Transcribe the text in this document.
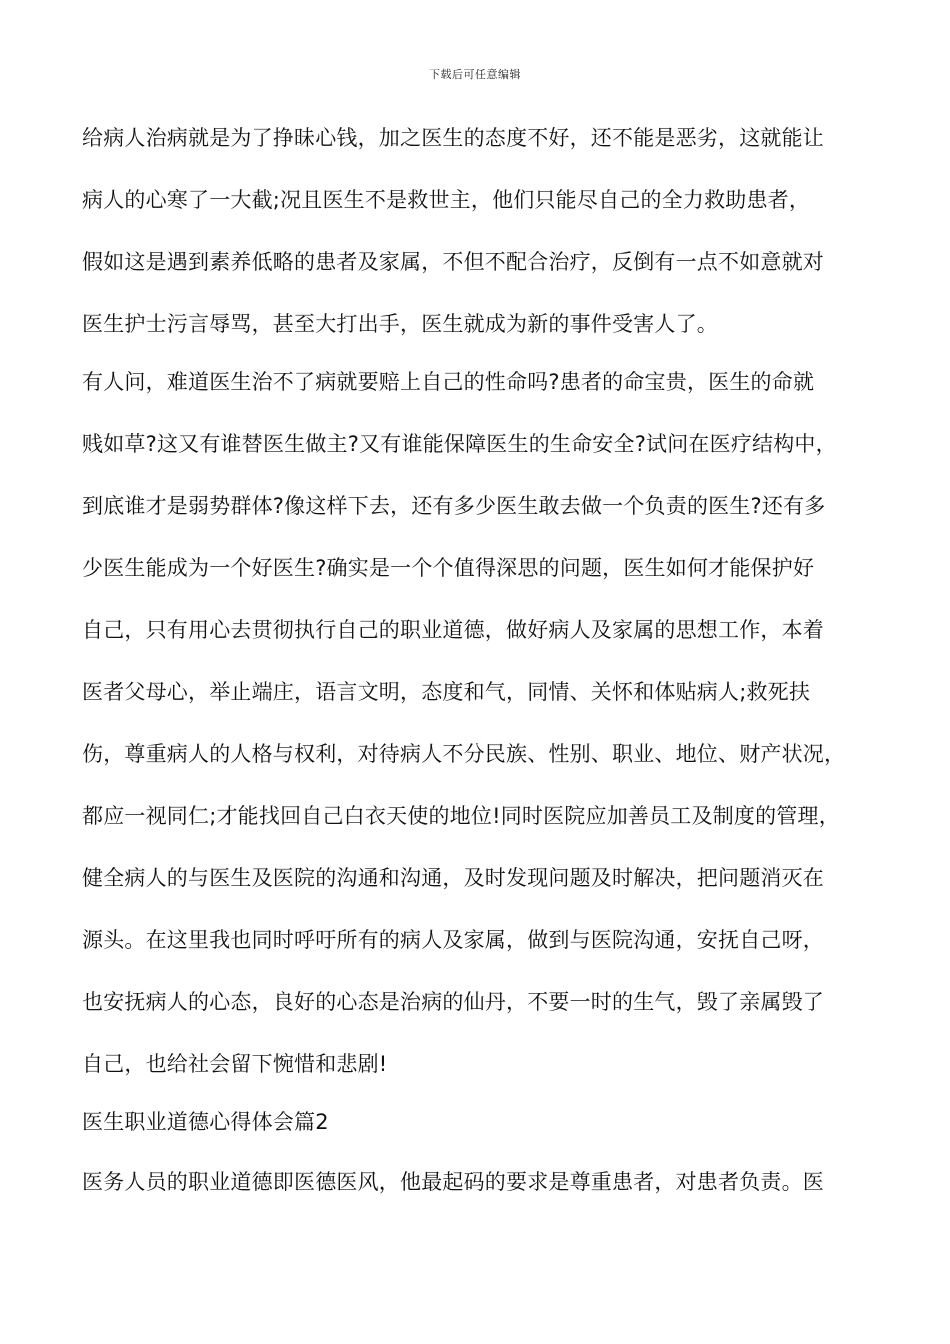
下载后可任意编辑
给病人治病就是为了挣昧心钱，加之医生的态度不好，还不能是恶劣，这就能让
病人的心寒了一大截;况且医生不是救世主，他们只能尽自己的全力救助患者，
假如这是遇到素养低略的患者及家属，不但不配合治疗，反倒有一点不如意就对
医生护士污言辱骂，甚至大打出手，医生就成为新的事件受害人了。
有人问，难道医生治不了病就要赔上自己的性命吗?患者的命宝贵，医生的命就
贱如草?这又有谁替医生做主?又有谁能保障医生的生命安全?试问在医疗结构中，
到底谁才是弱势群体?像这样下去，还有多少医生敢去做一个负责的医生?还有多
少医生能成为一个好医生?确实是一个个值得深思的问题，医生如何才能保护好
自己，只有用心去贯彻执行自己的职业道德，做好病人及家属的思想工作，本着
医者父母心，举止端庄，语言文明，态度和气，同情、关怀和体贴病人;救死扶
伤，尊重病人的人格与权利，对待病人不分民族、性别、职业、地位、财产状况，
都应一视同仁;才能找回自己白衣天使的地位!同时医院应加善员工及制度的管理，
健全病人的与医生及医院的沟通和沟通，及时发现问题及时解决，把问题消灭在
源头。在这里我也同时呼吁所有的病人及家属，做到与医院沟通，安抚自己呀，
也安抚病人的心态，良好的心态是治病的仙丹，不要一时的生气，毁了亲属毁了
自己，也给社会留下惋惜和悲剧!
医生职业道德心得体会篇2
医务人员的职业道德即医德医风，他最起码的要求是尊重患者，对患者负责。医
